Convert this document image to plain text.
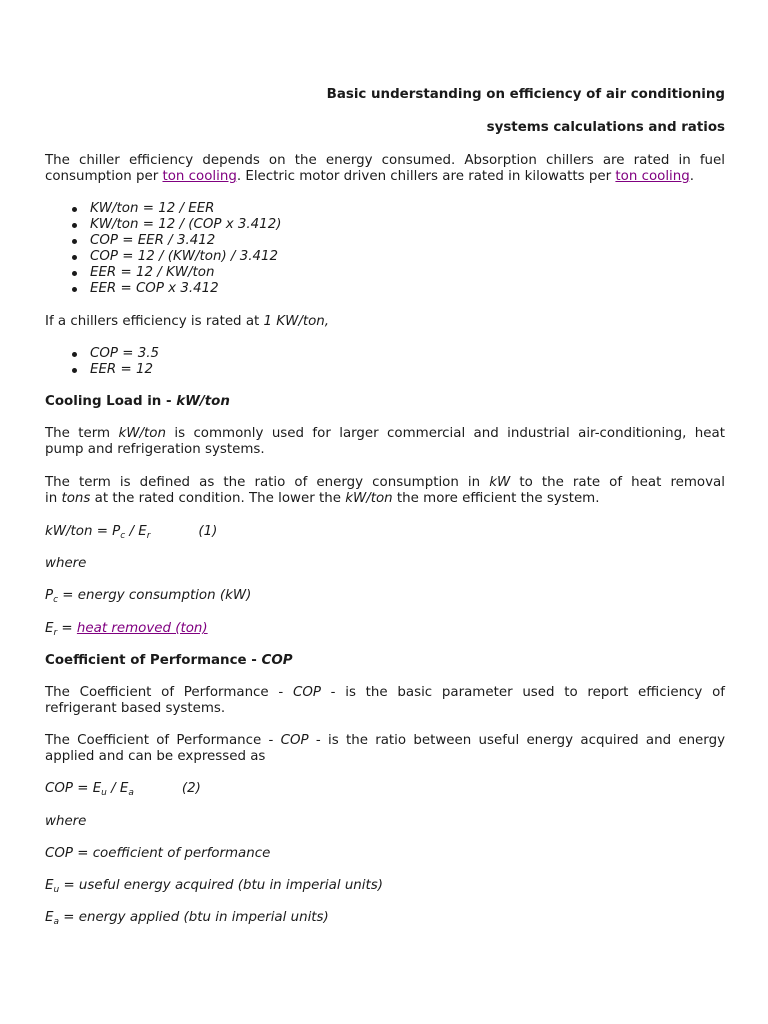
Basic understanding on efficiency of air conditioning
systems calculations and ratios
The chiller efficiency depends on the energy consumed. Absorption chillers are rated in fuel
consumption per ton cooling. Electric motor driven chillers are rated in kilowatts per ton cooling.
KW/ton = 12 / EER
KW/ton = 12 / (COP x 3.412)
COP = EER / 3.412
COP = 12 / (KW/ton) / 3.412
EER = 12 / KW/ton
EER = COP x 3.412
If a chillers efficiency is rated at 1 KW/ton,
COP = 3.5
EER = 12
Cooling Load in - kW/ton
The term kW/ton is commonly used for larger commercial and industrial air-conditioning, heat
pump and refrigeration systems.
The term is defined as the ratio of energy consumption in kW to the rate of heat removal
in tons at the rated condition. The lower the kW/ton the more efficient the system.
$kW/ton = P_c / E_r$	(1)
where
$P_c$ = energy consumption (kW)
$E_r$ = heat removed (ton)
Coefficient of Performance - COP
The Coefficient of Performance - COP - is the basic parameter used to report efficiency of
refrigerant based systems.
The Coefficient of Performance - COP - is the ratio between useful energy acquired and energy
applied and can be expressed as
COP = $E_u / E_a$	(2)
where
COP = coefficient of performance
$E_u$ = useful energy acquired (btu in imperial units)
$E_a$ = energy applied (btu in imperial units)
